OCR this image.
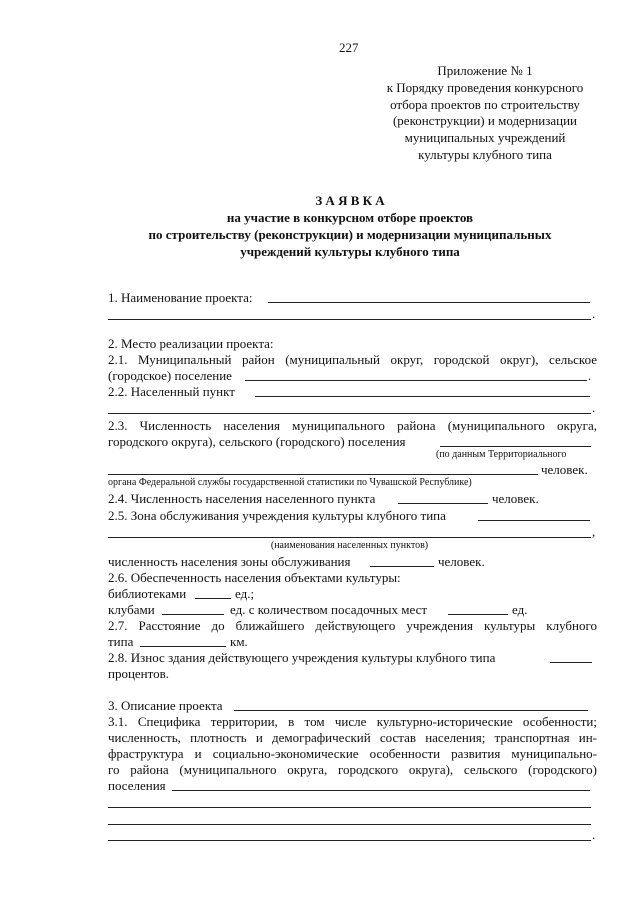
227
Приложение № 1
к Порядку проведения конкурсного
отбора проектов по строительству
(реконструкции) и модернизации
муниципальных учреждений
культуры клубного типа
З А Я В К А
на участие в конкурсном отборе проектов
по строительству (реконструкции) и модернизации муниципальных
учреждений культуры клубного типа
1. Наименование проекта:
.
2. Место реализации проекта:
2.1. Муниципальный район (муниципальный округ, городской округ), сельское
(городское) поселение	.
2.2. Населенный пункт
.
2.3. Численность населения муниципального района (муниципального округа,
городского округа), сельского (городского) поселения
(по данным Территориального
человек.
органа Федеральной службы государственной статистики по Чувашской Республике)
2.4. Численность населения населенного пункта	человек.
2.5. Зона обслуживания учреждения культуры клубного типа
,
(наименования населенных пунктов)
численность населения зоны обслуживания	человек.
2.6. Обеспеченность населения объектами культуры:
библиотеками	ед.;
клубами	ед. с количеством посадочных мест	ед.
2.7. Расстояние до ближайшего действующего учреждения культуры клубного
типа	км.
2.8. Износ здания действующего учреждения культуры клубного типа
процентов.
3. Описание проекта
3.1. Специфика территории, в том числе культурно-исторические особенности;
численность, плотность и демографический состав населения; транспортная ин-
фраструктура и социально-экономические особенности развития муниципально-
го района (муниципального округа, городского округа), сельского (городского)
поселения
.
